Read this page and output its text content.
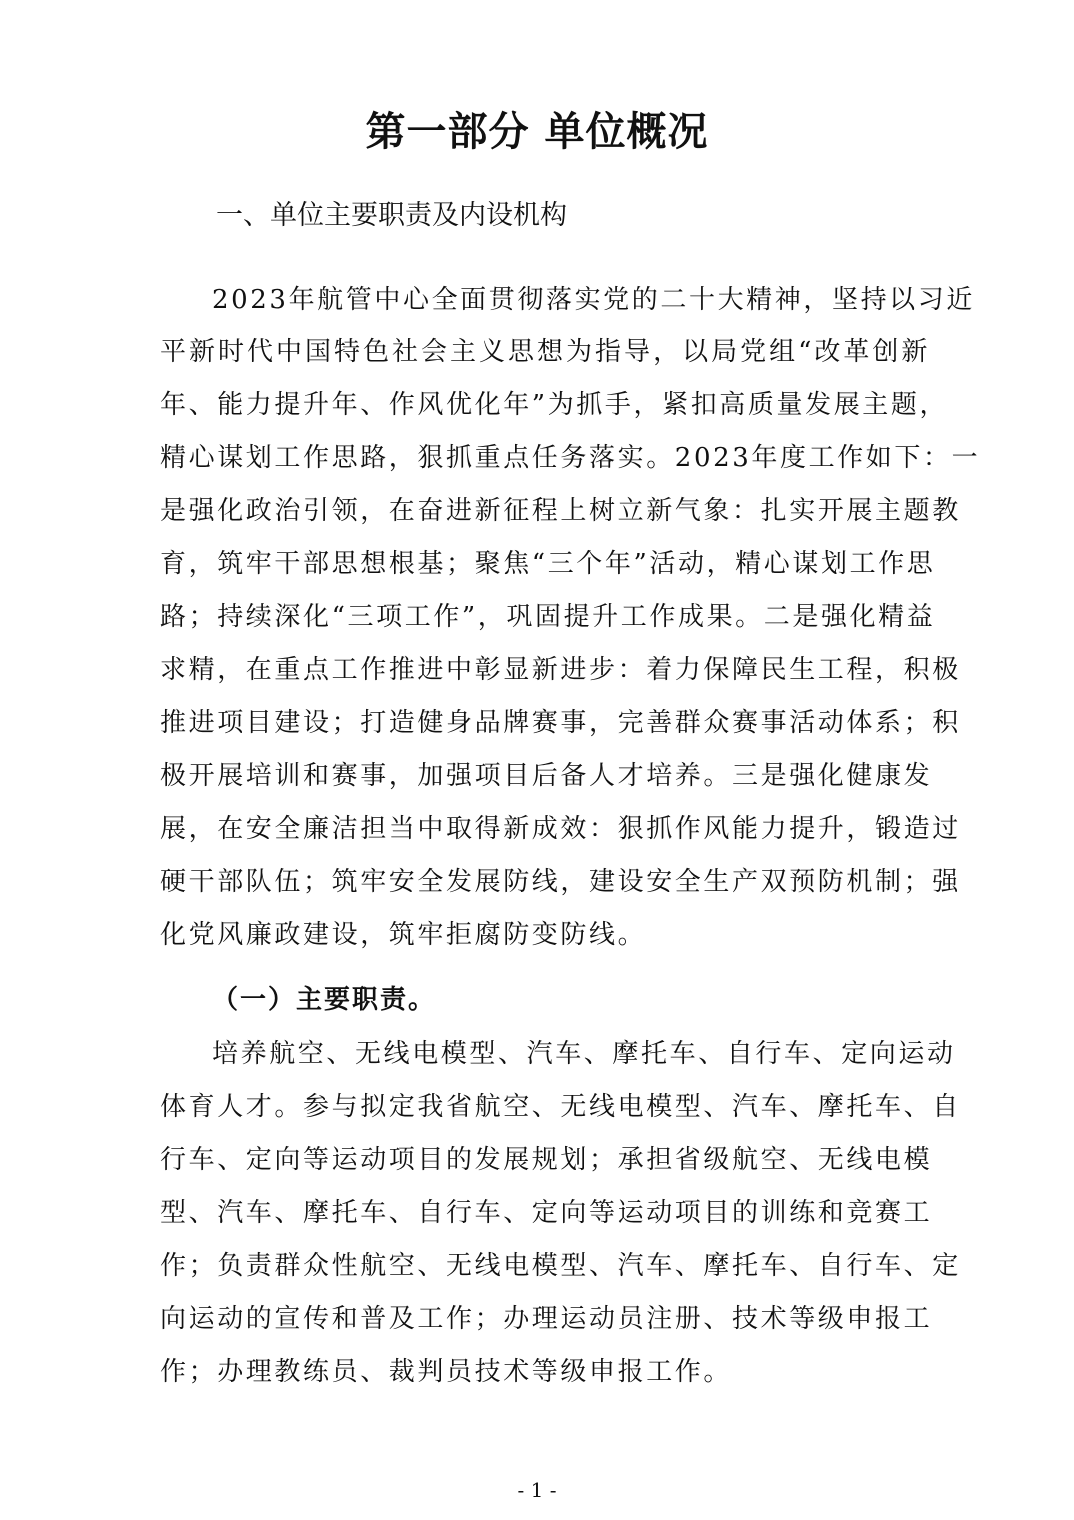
第一部分 单位概况
一、单位主要职责及内设机构
2023年航管中心全面贯彻落实党的二十大精神，坚持以习近
平新时代中国特色社会主义思想为指导，以局党组“改革创新
年、能力提升年、作风优化年”为抓手，紧扣高质量发展主题，
精心谋划工作思路，狠抓重点任务落实。2023年度工作如下：一
是强化政治引领，在奋进新征程上树立新气象：扎实开展主题教
育，筑牢干部思想根基；聚焦“三个年”活动，精心谋划工作思
路；持续深化“三项工作”，巩固提升工作成果。二是强化精益
求精，在重点工作推进中彰显新进步：着力保障民生工程，积极
推进项目建设；打造健身品牌赛事，完善群众赛事活动体系；积
极开展培训和赛事，加强项目后备人才培养。三是强化健康发
展，在安全廉洁担当中取得新成效：狠抓作风能力提升，锻造过
硬干部队伍；筑牢安全发展防线，建设安全生产双预防机制；强
化党风廉政建设，筑牢拒腐防变防线。
（一）主要职责。
培养航空、无线电模型、汽车、摩托车、自行车、定向运动
体育人才。参与拟定我省航空、无线电模型、汽车、摩托车、自
行车、定向等运动项目的发展规划；承担省级航空、无线电模
型、汽车、摩托车、自行车、定向等运动项目的训练和竞赛工
作；负责群众性航空、无线电模型、汽车、摩托车、自行车、定
向运动的宣传和普及工作；办理运动员注册、技术等级申报工
作；办理教练员、裁判员技术等级申报工作。
- 1 -
